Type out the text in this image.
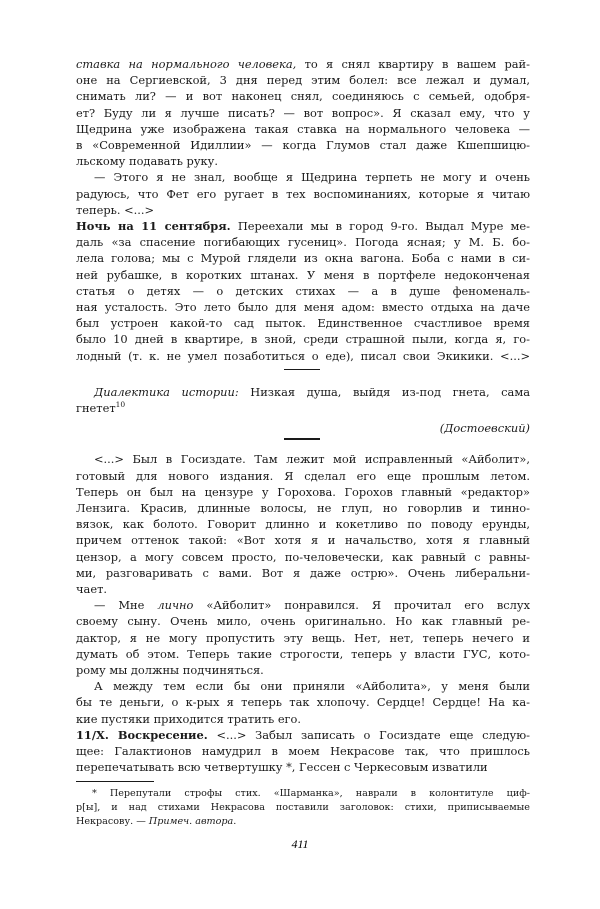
ставка на нормального человека, то я снял квартиру в вашем рай-
оне на Сергиевской, 3 дня перед этим болел: все лежал и думал,
снимать ли? — и вот наконец снял, соединяюсь с семьей, одобря-
ет? Буду ли я лучше писать? — вот вопрос». Я сказал ему, что у
Щедрина уже изображена такая ставка на нормального человека —
в «Современной Идиллии» — когда Глумов стал даже Кшепшицю-
льскому подавать руку.
— Этого я не знал, вообще я Щедрина терпеть не могу и очень
радуюсь, что Фет его ругает в тех воспоминаниях, которые я читаю
теперь. <...>
Ночь на 11 сентября. Переехали мы в город 9-го. Выдал Муре ме-
даль «за спасение погибающих гусениц». Погода ясная; у М. Б. бо-
лела голова; мы с Мурой глядели из окна вагона. Боба с нами в си-
ней рубашке, в коротких штанах. У меня в портфеле недоконченая
статья о детях — о детских стихах — а в душе феноменаль-
ная усталость. Это лето было для меня адом: вместо отдыха на даче
был устроен какой-то сад пыток. Единственное счастливое время
было 10 дней в квартире, в зной, среди страшной пыли, когда я, го-
лодный (т. к. не умел позаботиться о еде), писал свои Экикики. <...>
Диалектика истории: Низкая душа, выйдя из-под гнета, сама
гнетет$^{10}$
(Достоевский)
<...> Был в Госиздате. Там лежит мой исправленный «Айболит»,
готовый для нового издания. Я сделал его еще прошлым летом.
Теперь он был на цензуре у Горохова. Горохов главный «редактор»
Лензига. Красив, длинные волосы, не глуп, но говорлив и тинно-
вязок, как болото. Говорит длинно и кокетливо по поводу ерунды,
причем оттенок такой: «Вот хотя я и начальство, хотя я главный
цензор, а могу совсем просто, по-человечески, как равный с равны-
ми, разговаривать с вами. Вот я даже острю». Очень либеральни-
чает.
— Мне лично «Айболит» понравился. Я прочитал его вслух
своему сыну. Очень мило, очень оригинально. Но как главный ре-
дактор, я не могу пропустить эту вещь. Нет, нет, теперь нечего и
думать об этом. Теперь такие строгости, теперь у власти ГУС, кото-
рому мы должны подчиняться.
А между тем если бы они приняли «Айболита», у меня были
бы те деньги, о к-рых я теперь так хлопочу. Сердце! Сердце! На ка-
кие пустяки приходится тратить его.
11/X. Воскресение. <...> Забыл записать о Госиздате еще следую-
щее: Галактионов намудрил в моем Некрасове так, что пришлось
перепечатывать всю четвертушку *, Гессен с Черкесовым изватили
* Перепутали строфы стих. «Шарманка», наврали в колонтитуле циф-
р[ы], и над стихами Некрасова поставили заголовок: стихи, приписываемые
Некрасову. — Примеч. автора.
411
